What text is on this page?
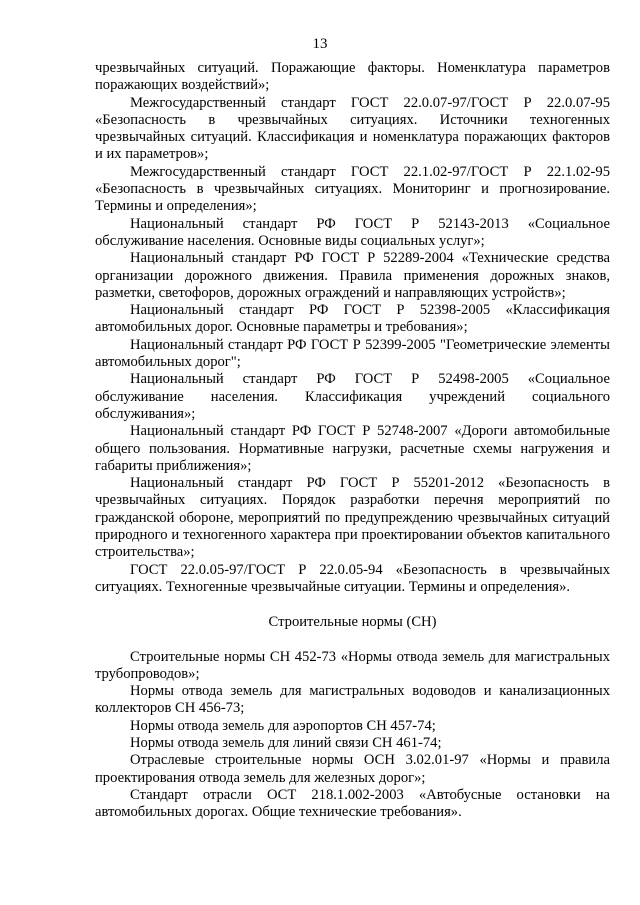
13

чрезвычайных ситуаций. Поражающие факторы. Номенклатура параметров поражающих воздействий»;

Межгосударственный стандарт ГОСТ 22.0.07-97/ГОСТ Р 22.0.07-95 «Безопасность в чрезвычайных ситуациях. Источники техногенных чрезвычайных ситуаций. Классификация и номенклатура поражающих факторов и их параметров»;

Межгосударственный стандарт ГОСТ 22.1.02-97/ГОСТ Р 22.1.02-95 «Безопасность в чрезвычайных ситуациях. Мониторинг и прогнозирование. Термины и определения»;

Национальный стандарт РФ ГОСТ Р 52143-2013 «Социальное обслуживание населения. Основные виды социальных услуг»;

Национальный стандарт РФ ГОСТ Р 52289-2004 «Технические средства организации дорожного движения. Правила применения дорожных знаков, разметки, светофоров, дорожных ограждений и направляющих устройств»;

Национальный стандарт РФ ГОСТ Р 52398-2005 «Классификация автомобильных дорог. Основные параметры и требования»;

Национальный стандарт РФ ГОСТ Р 52399-2005 "Геометрические элементы автомобильных дорог";

Национальный стандарт РФ ГОСТ Р 52498-2005 «Социальное обслуживание населения. Классификация учреждений социального обслуживания»;

Национальный стандарт РФ ГОСТ Р 52748-2007 «Дороги автомобильные общего пользования. Нормативные нагрузки, расчетные схемы нагружения и габариты приближения»;

Национальный стандарт РФ ГОСТ Р 55201-2012 «Безопасность в чрезвычайных ситуациях. Порядок разработки перечня мероприятий по гражданской обороне, мероприятий по предупреждению чрезвычайных ситуаций природного и техногенного характера при проектировании объектов капитального строительства»;

ГОСТ 22.0.05-97/ГОСТ Р 22.0.05-94 «Безопасность в чрезвычайных ситуациях. Техногенные чрезвычайные ситуации. Термины и определения».

Строительные нормы (СН)

Строительные нормы СН 452-73 «Нормы отвода земель для магистральных трубопроводов»;

Нормы отвода земель для магистральных водоводов и канализационных коллекторов СН 456-73;

Нормы отвода земель для аэропортов СН 457-74;

Нормы отвода земель для линий связи СН 461-74;

Отраслевые строительные нормы ОСН 3.02.01-97 «Нормы и правила проектирования отвода земель для железных дорог»;

Стандарт отрасли ОСТ 218.1.002-2003 «Автобусные остановки на автомобильных дорогах. Общие технические требования».
